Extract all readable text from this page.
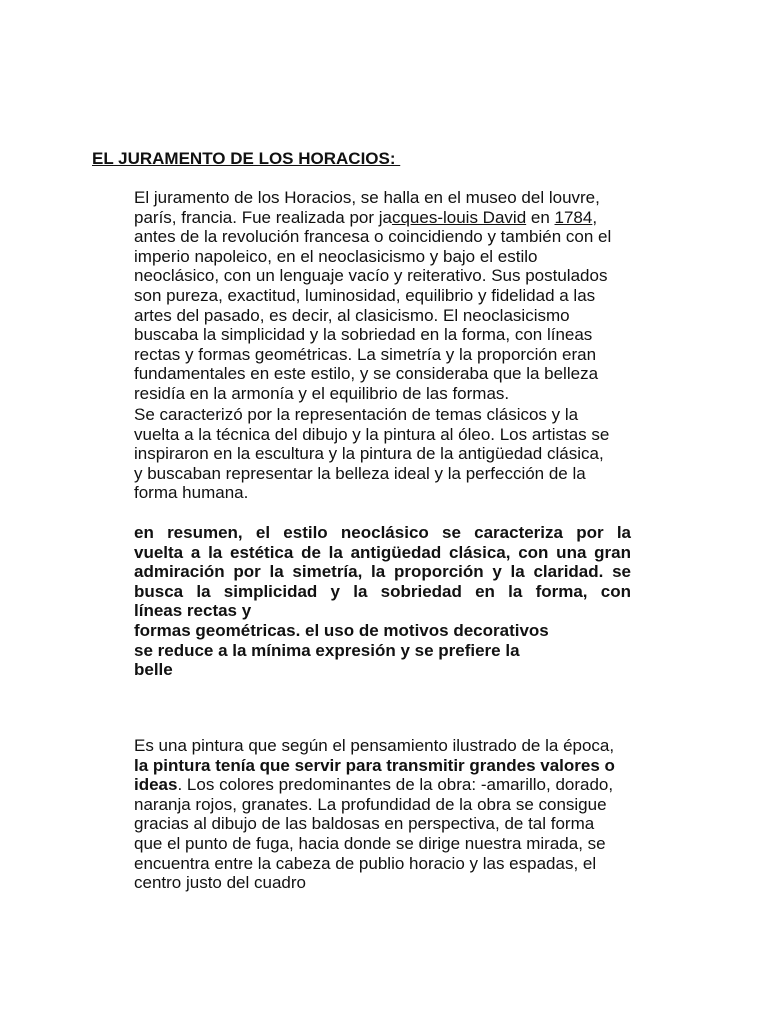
EL JURAMENTO DE LOS HORACIOS:
El juramento de los Horacios, se halla en el museo del louvre,
parís, francia. Fue realizada por jacques-louis David en 1784,
antes de la revolución francesa o coincidiendo y también con el
imperio napoleico, en el neoclasicismo y bajo el estilo
neoclásico, con un lenguaje vacío y reiterativo. Sus postulados
son pureza, exactitud, luminosidad, equilibrio y fidelidad a las
artes del pasado, es decir, al clasicismo. El neoclasicismo
buscaba la simplicidad y la sobriedad en la forma, con líneas
rectas y formas geométricas. La simetría y la proporción eran
fundamentales en este estilo, y se consideraba que la belleza
residía en la armonía y el equilibrio de las formas.
Se caracterizó por la representación de temas clásicos y la
vuelta a la técnica del dibujo y la pintura al óleo. Los artistas se
inspiraron en la escultura y la pintura de la antigüedad clásica,
y buscaban representar la belleza ideal y la perfección de la
forma humana.
en resumen, el estilo neoclásico se caracteriza por la
vuelta a la estética de la antigüedad clásica, con una gran
admiración por la simetría, la proporción y la claridad. se
busca la simplicidad y la sobriedad en la forma, con
líneas rectas y
formas geométricas. el uso de motivos decorativos
se reduce a la mínima expresión y se prefiere la
belle
Es una pintura que según el pensamiento ilustrado de la época,
la pintura tenía que servir para transmitir grandes valores o
ideas. Los colores predominantes de la obra: -amarillo, dorado,
naranja rojos, granates. La profundidad de la obra se consigue
gracias al dibujo de las baldosas en perspectiva, de tal forma
que el punto de fuga, hacia donde se dirige nuestra mirada, se
encuentra entre la cabeza de publio horacio y las espadas, el
centro justo del cuadro
